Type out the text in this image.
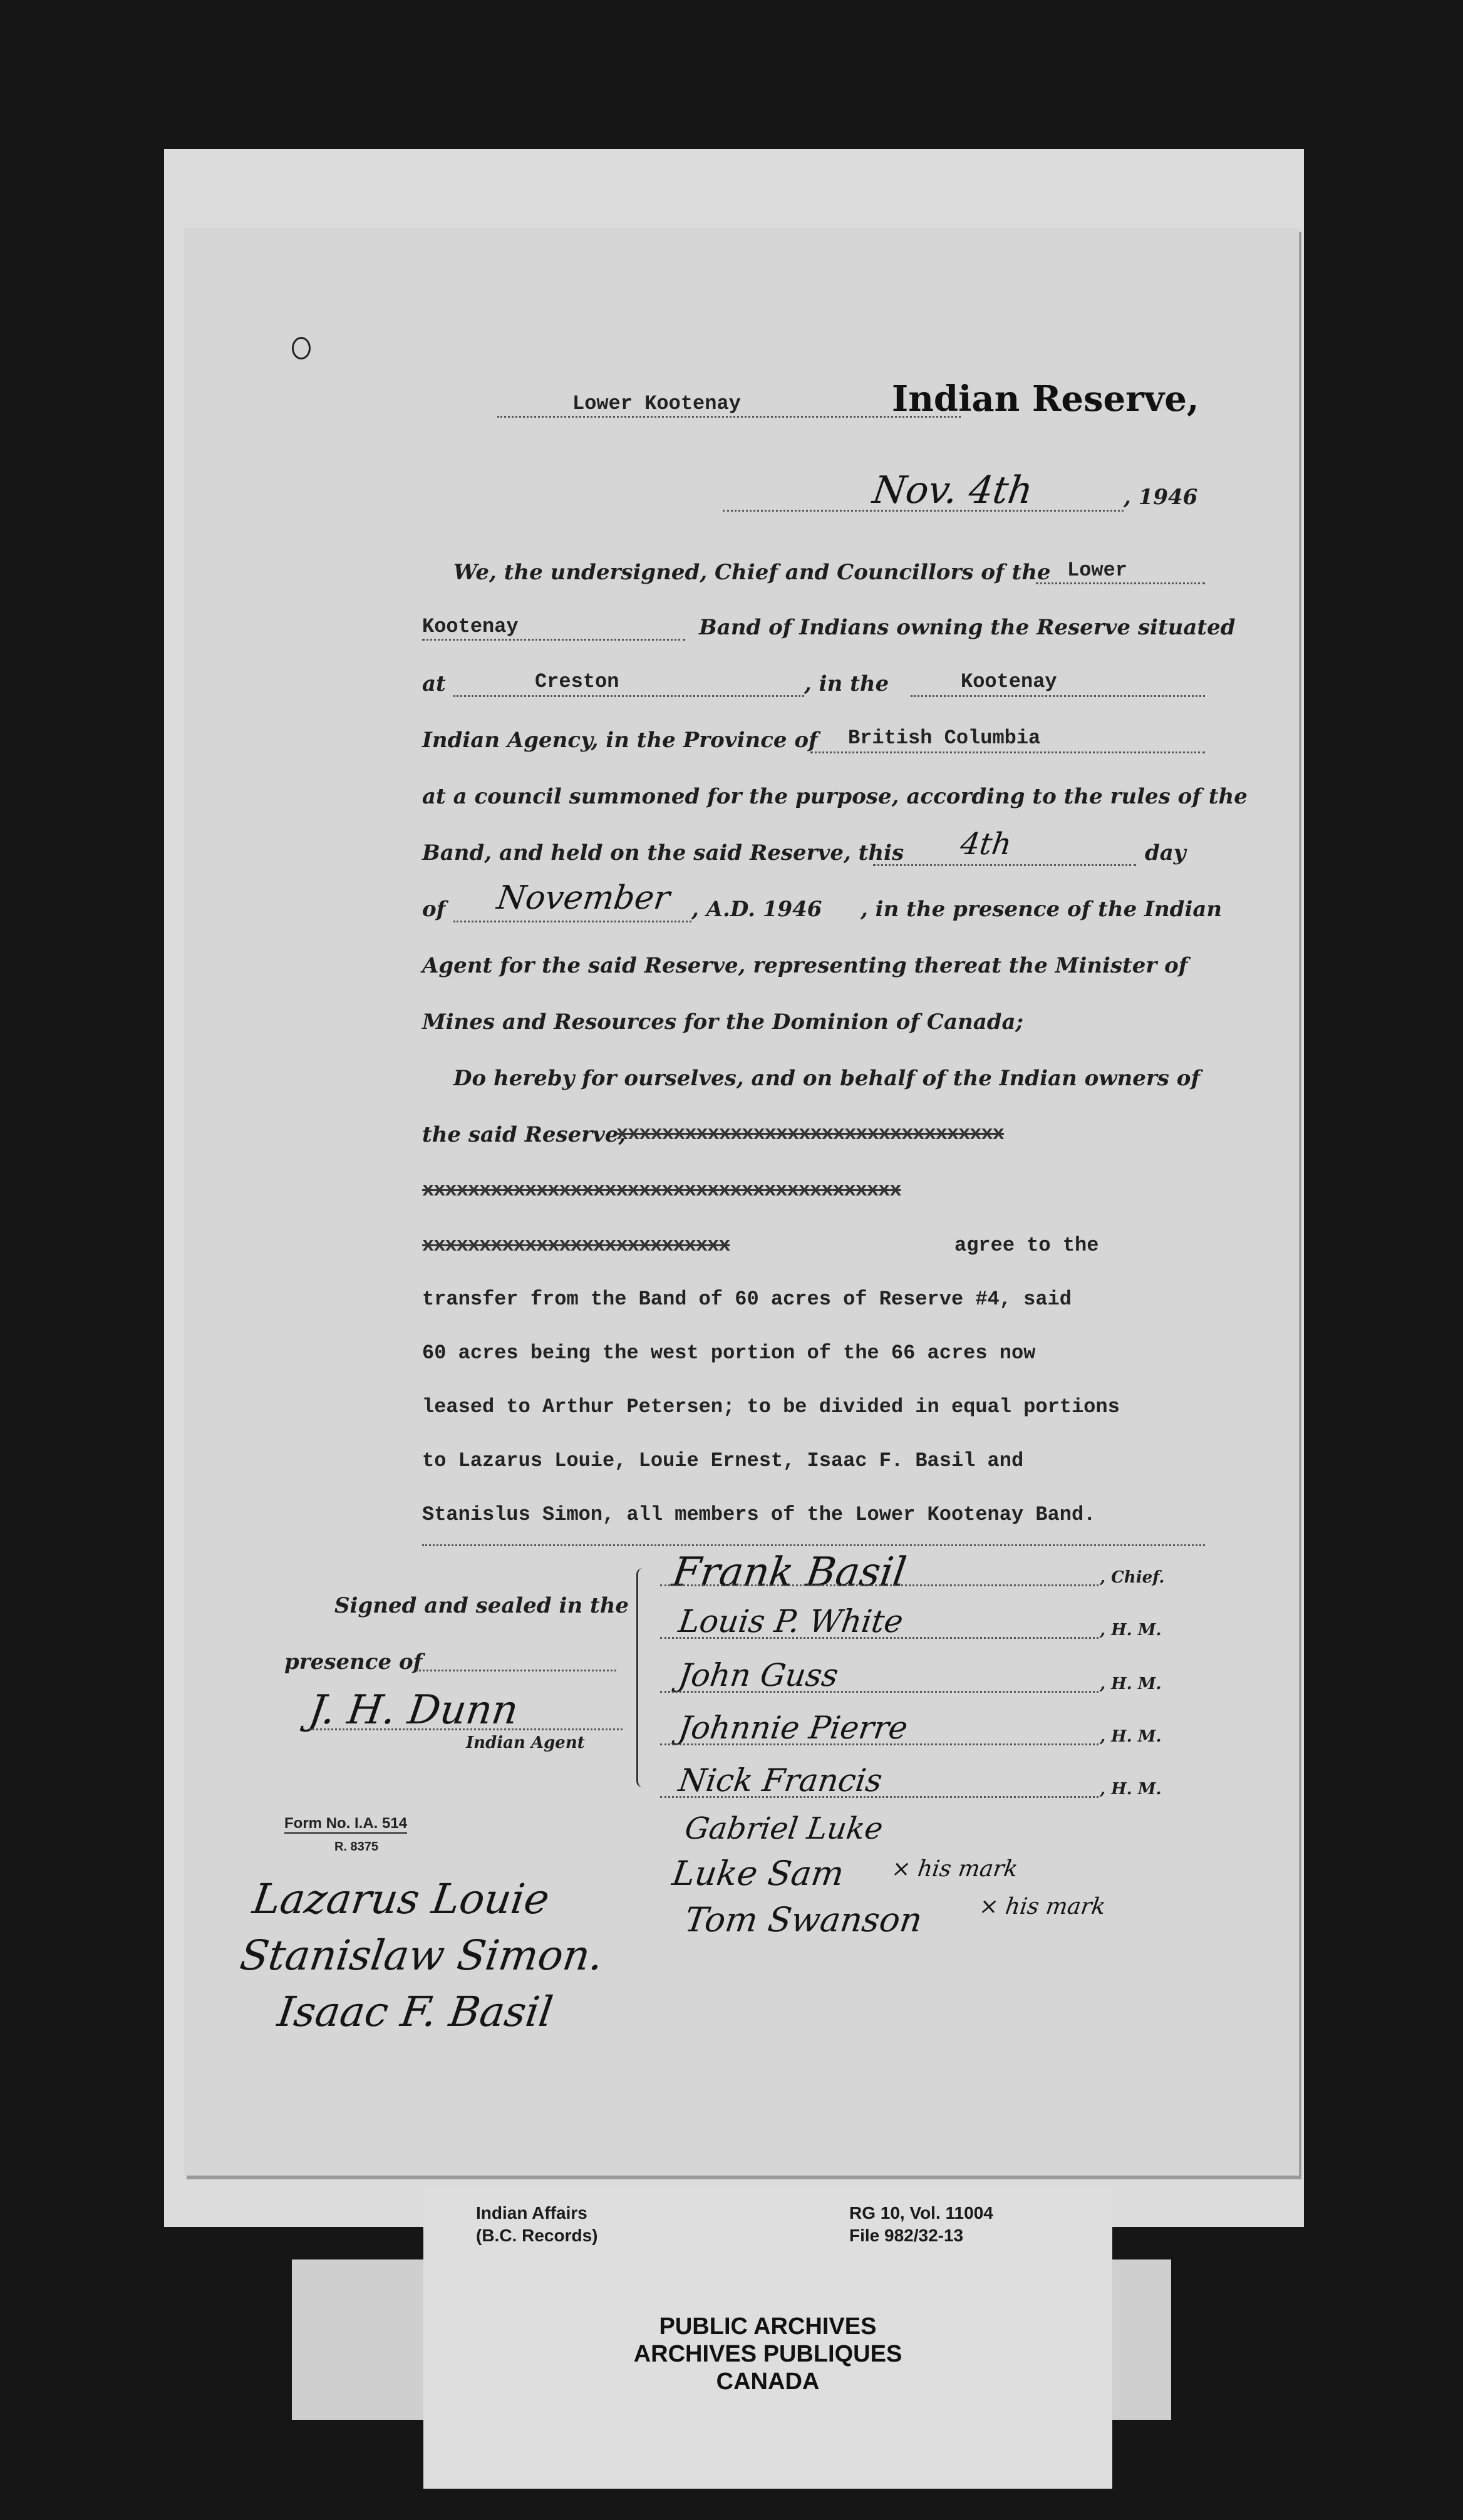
Lower Kootenay	Indian Reserve,
Nov. 4th	, 1946
We, the undersigned, Chief and Councillors of the Lower
Kootenay	Band of Indians owning the Reserve situated
at	Creston	, in the	Kootenay
Indian Agency, in the Province of British Columbia
at a council summoned for the purpose, according to the rules of the
Band, and held on the said Reserve, this 4th	day
of November , A.D. 1946 , in the presence of the Indian
Agent for the said Reserve, representing thereat the Minister of
Mines and Resources for the Dominion of Canada;
Do hereby for ourselves, and on behalf of the Indian owners of
the said Reserve,
xxxxxxxxxxxxxxxxxxxxxxxxxxxxxxxxxx
xxxxxxxxxxxxxxxxxxxxxxxxxxxxxxxxxxxxxxxxxx
xxxxxxxxxxxxxxxxxxxxxxxxxxx	agree to the
transfer from the Band of 60 acres of Reserve #4, said
60 acres being the west portion of the 66 acres now
leased to Arthur Petersen; to be divided in equal portions
to Lazarus Louie, Louie Ernest, Isaac F. Basil and
Stanislus Simon, all members of the Lower Kootenay Band.
Signed and sealed in the
presence of
J. H. Dunn
Indian Agent
Frank Basil	, Chief.
Louis P. White	, H. M.
John Guss	, H. M.
Johnnie Pierre	, H. M.
Nick Francis	, H. M.
Gabriel Luke
Luke Sam × his mark
Tom Swanson × his mark
Form No. I.A. 514
R. 8375
Lazarus Louie
Stanislaw Simon.
Isaac F. Basil
Indian Affairs
(B.C. Records)
RG 10, Vol. 11004
File 982/32-13
PUBLIC ARCHIVES
ARCHIVES PUBLIQUES
CANADA
